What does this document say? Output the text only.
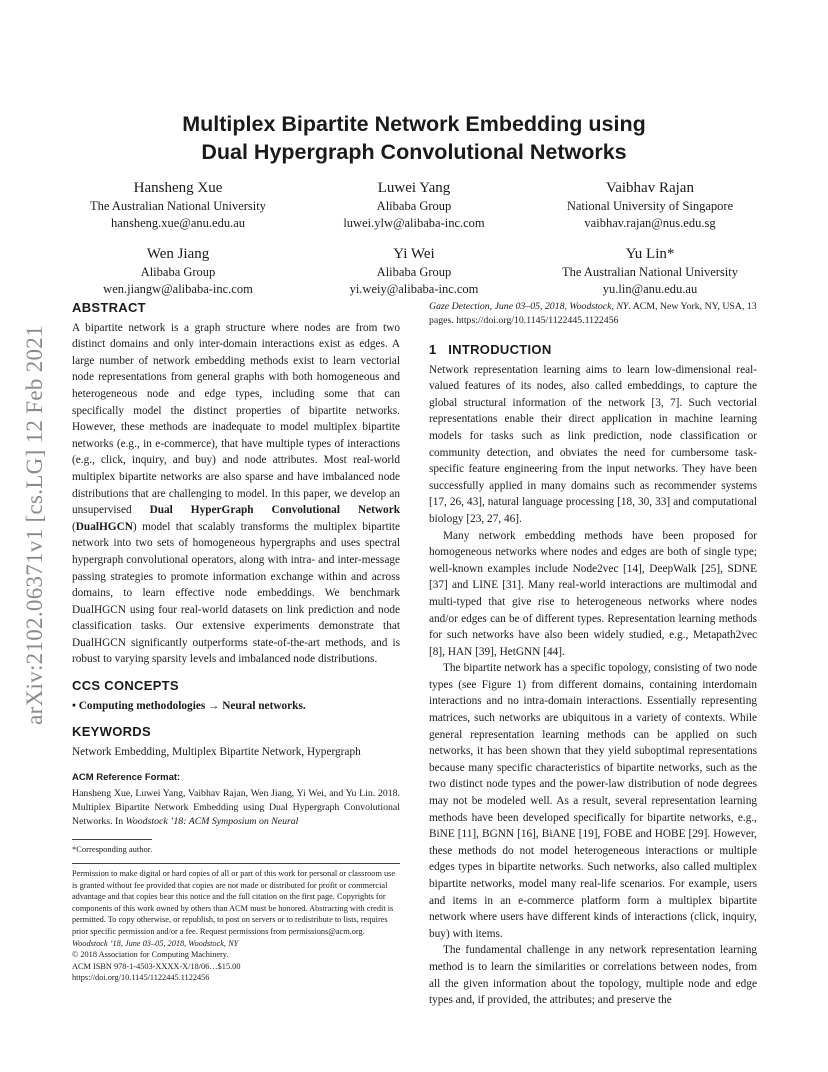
arXiv:2102.06371v1 [cs.LG] 12 Feb 2021
Multiplex Bipartite Network Embedding using
Dual Hypergraph Convolutional Networks
Hansheng Xue
The Australian National University
hansheng.xue@anu.edu.au
Luwei Yang
Alibaba Group
luwei.ylw@alibaba-inc.com
Vaibhav Rajan
National University of Singapore
vaibhav.rajan@nus.edu.sg
Wen Jiang
Alibaba Group
wen.jiangw@alibaba-inc.com
Yi Wei
Alibaba Group
yi.weiy@alibaba-inc.com
Yu Lin*
The Australian National University
yu.lin@anu.edu.au
ABSTRACT

A bipartite network is a graph structure where nodes are from two distinct domains and only inter-domain interactions exist as edges. A large number of network embedding methods exist to learn vectorial node representations from general graphs with both homogeneous and heterogeneous node and edge types, including some that can specifically model the distinct properties of bipartite networks. However, these methods are inadequate to model multiplex bipartite networks (e.g., in e-commerce), that have multiple types of interactions (e.g., click, inquiry, and buy) and node attributes. Most real-world multiplex bipartite networks are also sparse and have imbalanced node distributions that are challenging to model. In this paper, we develop an unsupervised Dual HyperGraph Convolutional Network (DualHGCN) model that scalably transforms the multiplex bipartite network into two sets of homogeneous hypergraphs and uses spectral hypergraph convolutional operators, along with intra- and inter-message passing strategies to promote information exchange within and across domains, to learn effective node embeddings. We benchmark DualHGCN using four real-world datasets on link prediction and node classification tasks. Our extensive experiments demonstrate that DualHGCN significantly outperforms state-of-the-art methods, and is robust to varying sparsity levels and imbalanced node distributions.

CCS CONCEPTS

• Computing methodologies → Neural networks.

KEYWORDS

Network Embedding, Multiplex Bipartite Network, Hypergraph

ACM Reference Format:

Hansheng Xue, Luwei Yang, Vaibhav Rajan, Wen Jiang, Yi Wei, and Yu Lin. 2018. Multiplex Bipartite Network Embedding using Dual Hypergraph Convolutional Networks. In Woodstock ’18: ACM Symposium on Neural

*Corresponding author.
Permission to make digital or hard copies of all or part of this work for personal or classroom use is granted without fee provided that copies are not made or distributed for profit or commercial advantage and that copies bear this notice and the full citation on the first page. Copyrights for components of this work owned by others than ACM must be honored. Abstracting with credit is permitted. To copy otherwise, or republish, to post on servers or to redistribute to lists, requires prior specific permission and/or a fee. Request permissions from permissions@acm.org.
Woodstock ’18, June 03–05, 2018, Woodstock, NY
© 2018 Association for Computing Machinery.
ACM ISBN 978-1-4503-XXXX-X/18/06…$15.00
https://doi.org/10.1145/1122445.1122456

Gaze Detection, June 03–05, 2018, Woodstock, NY. ACM, New York, NY, USA, 13 pages. https://doi.org/10.1145/1122445.1122456

1   INTRODUCTION

Network representation learning aims to learn low-dimensional real-valued features of its nodes, also called embeddings, to capture the global structural information of the network [3, 7]. Such vectorial representations enable their direct application in machine learning models for tasks such as link prediction, node classification or community detection, and obviates the need for cumbersome task-specific feature engineering from the input networks. They have been successfully applied in many domains such as recommender systems [17, 26, 43], natural language processing [18, 30, 33] and computational biology [23, 27, 46].

Many network embedding methods have been proposed for homogeneous networks where nodes and edges are both of single type; well-known examples include Node2vec [14], DeepWalk [25], SDNE [37] and LINE [31]. Many real-world interactions are multimodal and multi-typed that give rise to heterogeneous networks where nodes and/or edges can be of different types. Representation learning methods for such networks have also been widely studied, e.g., Metapath2vec [8], HAN [39], HetGNN [44].

The bipartite network has a specific topology, consisting of two node types (see Figure 1) from different domains, containing interdomain interactions and no intra-domain interactions. Essentially representing matrices, such networks are ubiquitous in a variety of contexts. While general representation learning methods can be applied on such networks, it has been shown that they yield suboptimal representations because many specific characteristics of bipartite networks, such as the two distinct node types and the power-law distribution of node degrees may not be modeled well. As a result, several representation learning methods have been developed specifically for bipartite networks, e.g., BiNE [11], BGNN [16], BiANE [19], FOBE and HOBE [29]. However, these methods do not model heterogeneous interactions or multiple edges types in bipartite networks. Such networks, also called multiplex bipartite networks, model many real-life scenarios. For example, users and items in an e-commerce platform form a multiplex bipartite network where users have different kinds of interactions (click, inquiry, buy) with items.

The fundamental challenge in any network representation learning method is to learn the similarities or correlations between nodes, from all the given information about the topology, multiple node and edge types and, if provided, the attributes; and preserve the
